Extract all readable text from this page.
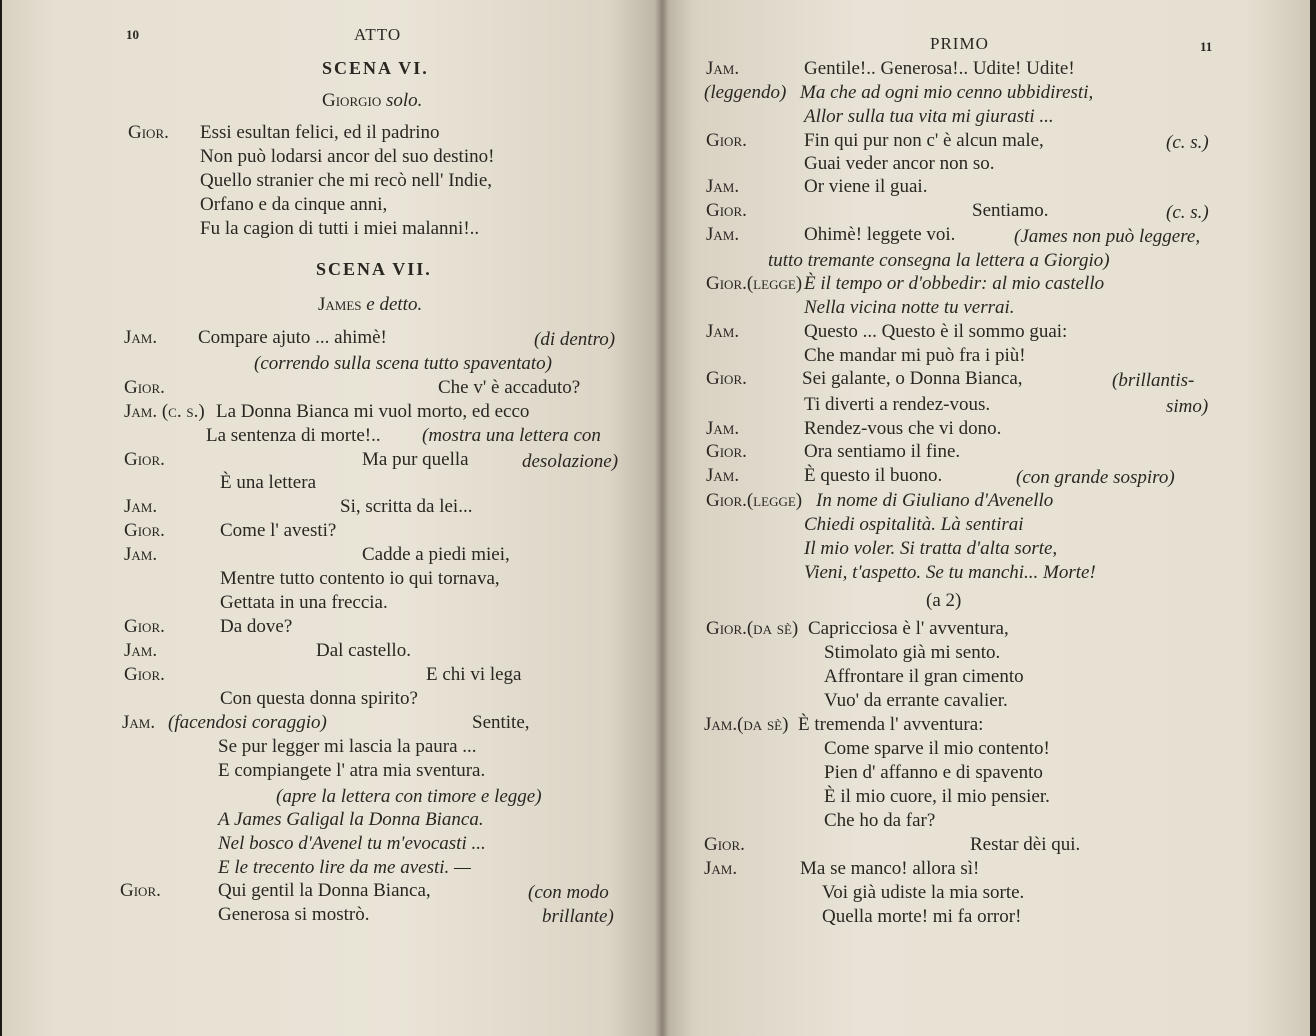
10	ATTO
SCENA VI.
Giorgio solo.
Gior. Essi esultan felici, ed il padrino
Non può lodarsi ancor del suo destino!
Quello stranier che mi recò nell' Indie,
Orfano e da cinque anni,
Fu la cagion di tutti i miei malanni!..
SCENA VII.
James e detto.
Jam. Compare ajuto ... ahimè!	(di dentro)
(correndo sulla scena tutto spaventato)
Gior.	Che v' è accaduto?
Jam. (c. s.) La Donna Bianca mi vuol morto, ed ecco
La sentenza di morte!.. (mostra una lettera con
Gior.	Ma pur quella	desolazione)
È una lettera
Jam.	Si, scritta da lei...
Gior.	Come l' avesti?
Jam.	Cadde a piedi miei,
Mentre tutto contento io qui tornava,
Gettata in una freccia.
Gior.	Da dove?
Jam.	Dal castello.
Gior.	E chi vi lega
Con questa donna spirito?
Jam. (facendosi coraggio)	Sentite,
Se pur legger mi lascia la paura ...
E compiangete l' atra mia sventura.
(apre la lettera con timore e legge)
A James Galigal la Donna Bianca.
Nel bosco d'Avenel tu m'evocasti ...
E le trecento lire da me avesti. —
Gior.	Qui gentil la Donna Bianca,	(con modo
Generosa si mostrò.	brillante)
PRIMO	11
Jam.	Gentile!.. Generosa!.. Udite! Udite!
(leggendo) Ma che ad ogni mio cenno ubbidiresti,
Allor sulla tua vita mi giurasti ...
Gior.	Fin qui pur non c' è alcun male,	(c. s.)
Guai veder ancor non so.
Jam.	Or viene il guai.
Gior.	Sentiamo.	(c. s.)
Jam.	Ohimè! leggete voi.	(James non può leggere,
tutto tremante consegna la lettera a Giorgio)
Gior.(legge) È il tempo or d'obbedir: al mio castello
Nella vicina notte tu verrai.
Jam.	Questo ... Questo è il sommo guai:
Che mandar mi può fra i più!
Gior.	Sei galante, o Donna Bianca,	(brillantis-
Ti diverti a rendez-vous.	simo)
Jam.	Rendez-vous che vi dono.
Gior.	Ora sentiamo il fine.
Jam.	È questo il buono.	(con grande sospiro)
Gior.(legge) In nome di Giuliano d'Avenello
Chiedi ospitalità. Là sentirai
Il mio voler. Si tratta d'alta sorte,
Vieni, t'aspetto. Se tu manchi... Morte!
(a 2)
Gior.(da sè) Capricciosa è l' avventura,
Stimolato già mi sento.
Affrontare il gran cimento
Vuo' da errante cavalier.
Jam.(da sè) È tremenda l' avventura:
Come sparve il mio contento!
Pien d' affanno e di spavento
È il mio cuore, il mio pensier.
Che ho da far?
Gior.	Restar dèi qui.
Jam.	Ma se manco! allora sì!
Voi già udiste la mia sorte.
Quella morte! mi fa orror!
